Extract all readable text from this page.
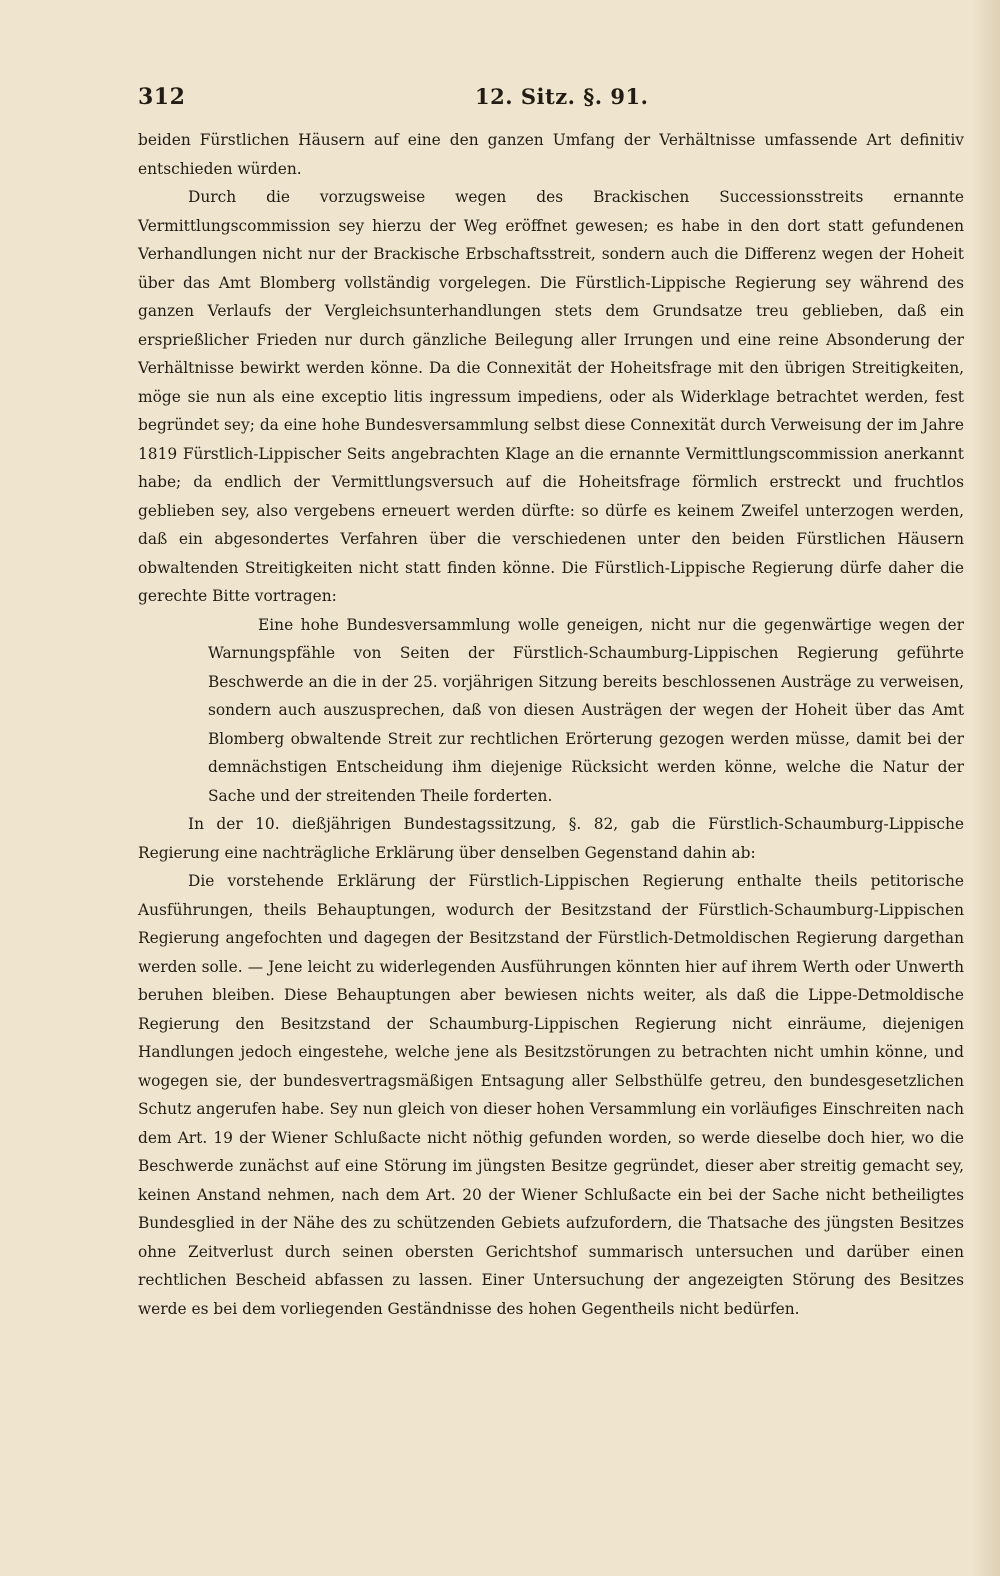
312	12. Sitz. §. 91.

beiden Fürstlichen Häusern auf eine den ganzen Umfang der Verhältnisse umfassende Art definitiv entschieden würden.

Durch die vorzugsweise wegen des Brackischen Successionsstreits ernannte Vermittlungscommission sey hierzu der Weg eröffnet gewesen; es habe in den dort statt gefundenen Verhandlungen nicht nur der Brackische Erbschaftsstreit, sondern auch die Differenz wegen der Hoheit über das Amt Blomberg vollständig vorgelegen. Die Fürstlich-Lippische Regierung sey während des ganzen Verlaufs der Vergleichsunterhandlungen stets dem Grundsatze treu geblieben, daß ein ersprießlicher Frieden nur durch gänzliche Beilegung aller Irrungen und eine reine Absonderung der Verhältnisse bewirkt werden könne. Da die Connexität der Hoheitsfrage mit den übrigen Streitigkeiten, möge sie nun als eine exceptio litis ingressum impediens, oder als Widerklage betrachtet werden, fest begründet sey; da eine hohe Bundesversammlung selbst diese Connexität durch Verweisung der im Jahre 1819 Fürstlich-Lippischer Seits angebrachten Klage an die ernannte Vermittlungscommission anerkannt habe; da endlich der Vermittlungsversuch auf die Hoheitsfrage förmlich erstreckt und fruchtlos geblieben sey, also vergebens erneuert werden dürfte: so dürfe es keinem Zweifel unterzogen werden, daß ein abgesondertes Verfahren über die verschiedenen unter den beiden Fürstlichen Häusern obwaltenden Streitigkeiten nicht statt finden könne. Die Fürstlich-Lippische Regierung dürfe daher die gerechte Bitte vortragen:

Eine hohe Bundesversammlung wolle geneigen, nicht nur die gegenwärtige wegen der Warnungspfähle von Seiten der Fürstlich-Schaumburg-Lippischen Regierung geführte Beschwerde an die in der 25. vorjährigen Sitzung bereits beschlossenen Austräge zu verweisen, sondern auch auszusprechen, daß von diesen Austrägen der wegen der Hoheit über das Amt Blomberg obwaltende Streit zur rechtlichen Erörterung gezogen werden müsse, damit bei der demnächstigen Entscheidung ihm diejenige Rücksicht werden könne, welche die Natur der Sache und der streitenden Theile forderten.

In der 10. dießjährigen Bundestagssitzung, §. 82, gab die Fürstlich-Schaumburg-Lippische Regierung eine nachträgliche Erklärung über denselben Gegenstand dahin ab:

Die vorstehende Erklärung der Fürstlich-Lippischen Regierung enthalte theils petitorische Ausführungen, theils Behauptungen, wodurch der Besitzstand der Fürstlich-Schaumburg-Lippischen Regierung angefochten und dagegen der Besitzstand der Fürstlich-Detmoldischen Regierung dargethan werden solle. — Jene leicht zu widerlegenden Ausführungen könnten hier auf ihrem Werth oder Unwerth beruhen bleiben. Diese Behauptungen aber bewiesen nichts weiter, als daß die Lippe-Detmoldische Regierung den Besitzstand der Schaumburg-Lippischen Regierung nicht einräume, diejenigen Handlungen jedoch eingestehe, welche jene als Besitzstörungen zu betrachten nicht umhin könne, und wogegen sie, der bundesvertragsmäßigen Entsagung aller Selbsthülfe getreu, den bundesgesetzlichen Schutz angerufen habe. Sey nun gleich von dieser hohen Versammlung ein vorläufiges Einschreiten nach dem Art. 19 der Wiener Schlußacte nicht nöthig gefunden worden, so werde dieselbe doch hier, wo die Beschwerde zunächst auf eine Störung im jüngsten Besitze gegründet, dieser aber streitig gemacht sey, keinen Anstand nehmen, nach dem Art. 20 der Wiener Schlußacte ein bei der Sache nicht betheiligtes Bundesglied in der Nähe des zu schützenden Gebiets aufzufordern, die Thatsache des jüngsten Besitzes ohne Zeitverlust durch seinen obersten Gerichtshof summarisch untersuchen und darüber einen rechtlichen Bescheid abfassen zu lassen. Einer Untersuchung der angezeigten Störung des Besitzes werde es bei dem vorliegenden Geständnisse des hohen Gegentheils nicht bedürfen.
